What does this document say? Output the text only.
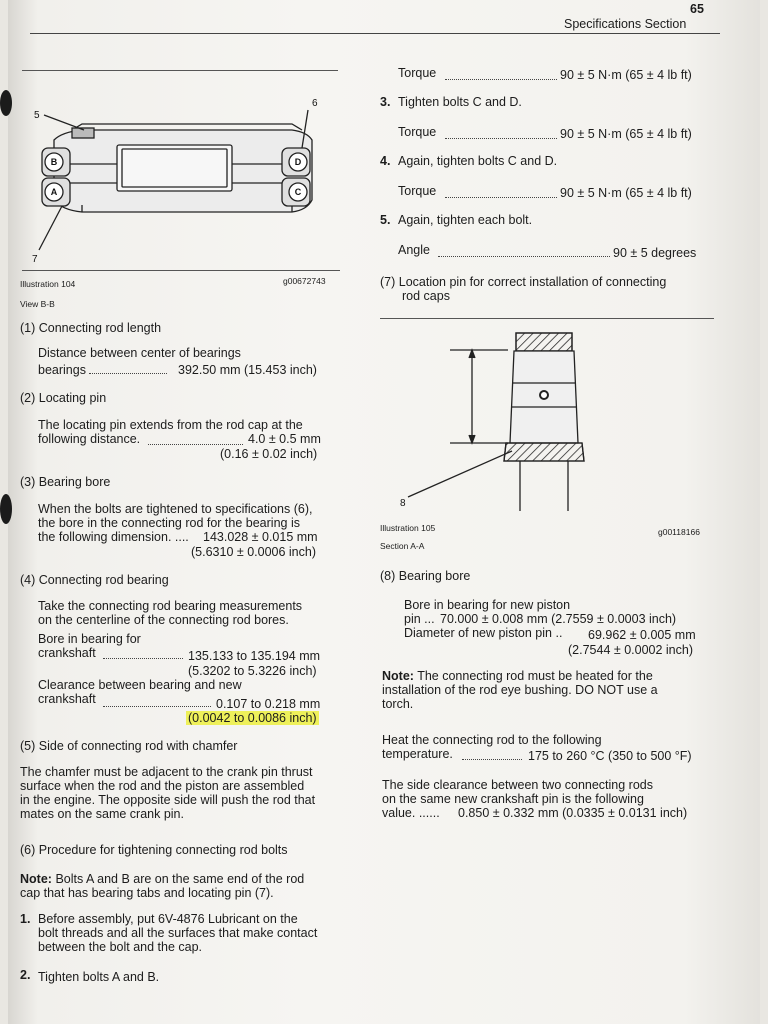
65
Specifications Section
B
A
D
C
5
6
7
Illustration 104
View B-B
g00672743
(1) Connecting rod length
Distance between center of bearings
bearings	392.50 mm (15.453 inch)
(2) Locating pin
The locating pin extends from the rod cap at the
following distance.	4.0 ± 0.5 mm
(0.16 ± 0.02 inch)
(3) Bearing bore
When the bolts are tightened to specifications (6),
the bore in the connecting rod for the bearing is
the following dimension. .... 143.028 ± 0.015 mm
(5.6310 ± 0.0006 inch)
(4) Connecting rod bearing
Take the connecting rod bearing measurements
on the centerline of the connecting rod bores.
Bore in bearing for
crankshaft	135.133 to 135.194 mm
(5.3202 to 5.3226 inch)
Clearance between bearing and new
crankshaft	0.107 to 0.218 mm
(0.0042 to 0.0086 inch)
(5) Side of connecting rod with chamfer
The chamfer must be adjacent to the crank pin thrust
surface when the rod and the piston are assembled
in the engine. The opposite side will push the rod that
mates on the same crank pin.
(6) Procedure for tightening connecting rod bolts
Note: Bolts A and B are on the same end of the rod
cap that has bearing tabs and locating pin (7).
1. Before assembly, put 6V-4876 Lubricant on the
bolt threads and all the surfaces that make contact
between the bolt and the cap.
2. Tighten bolts A and B.
Torque	90 ± 5 N·m (65 ± 4 lb ft)
3. Tighten bolts C and D.
Torque	90 ± 5 N·m (65 ± 4 lb ft)
4. Again, tighten bolts C and D.
Torque	90 ± 5 N·m (65 ± 4 lb ft)
5. Again, tighten each bolt.
Angle	90 ± 5 degrees
(7) Location pin for correct installation of connecting
rod caps
8
Illustration 105
Section A-A
g00118166
(8) Bearing bore
Bore in bearing for new piston
pin ... 70.000 ± 0.008 mm (2.7559 ± 0.0003 inch)
Diameter of new piston pin .. 69.962 ± 0.005 mm
(2.7544 ± 0.0002 inch)
Note: The connecting rod must be heated for the
installation of the rod eye bushing. DO NOT use a
torch.
Heat the connecting rod to the following
temperature.	175 to 260 °C (350 to 500 °F)
The side clearance between two connecting rods
on the same new crankshaft pin is the following
value. ...... 0.850 ± 0.332 mm (0.0335 ± 0.0131 inch)
